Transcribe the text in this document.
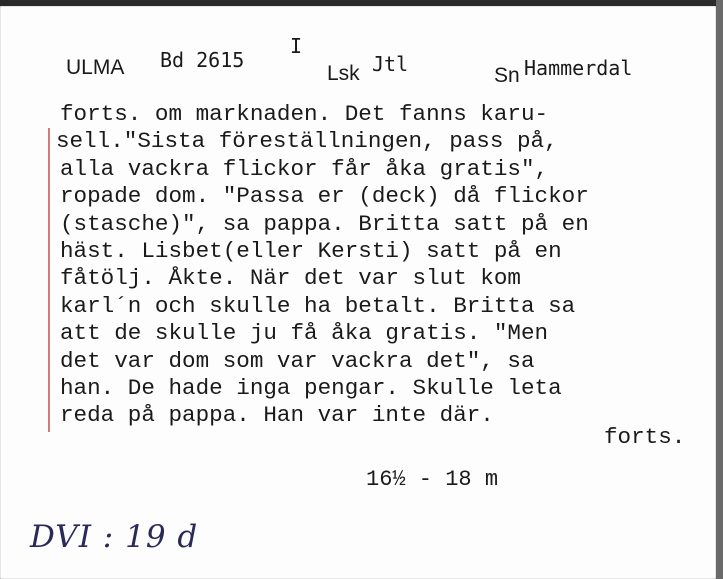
ULMA Bd 2615
I
Lsk Jtl	Sn Hammerdal
forts. om marknaden. Det fanns karu-
sell."Sista föreställningen, pass på,
alla vackra flickor får åka gratis",
ropade dom. "Passa er (deck) då flickor
(stasche)", sa pappa. Britta satt på en
häst. Lisbet(eller Kersti) satt på en
fåtölj. Åkte. När det var slut kom
karl´n och skulle ha betalt. Britta sa
att de skulle ju få åka gratis. "Men
det var dom som var vackra det", sa
han. De hade inga pengar. Skulle leta
reda på pappa. Han var inte där.
forts.
16½ - 18 m
DVI : 19 d
